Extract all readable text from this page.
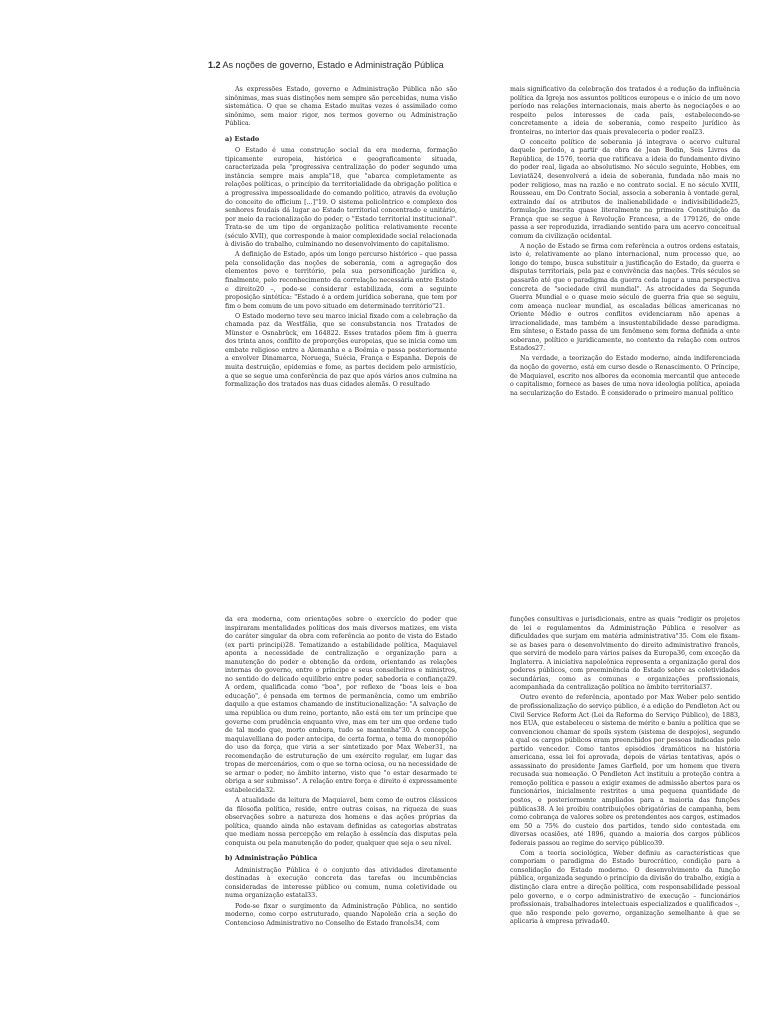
1.2 As noções de governo, Estado e Administração Pública

As expressões Estado, governo e Administração Pública não são sinônimas, mas suas distinções nem sempre são percebidas, numa visão sistemática. O que se chama Estado muitas vezes é assimilado como sinônimo, sem maior rigor, nos termos governo ou Administração Pública.

a) Estado

O Estado é uma construção social da era moderna, formação tipicamente europeia, histórica e geograficamente situada, caracterizada pela "progressiva centralização do poder segundo uma instância sempre mais ampla"18, que "abarca completamente as relações políticas, o princípio da territorialidade da obrigação política e a progressiva impessoalidade do comando político, através da evolução do conceito de officium [...]"19. O sistema policêntrico e complexo dos senhores feudais dá lugar ao Estado territorial concentrado e unitário, por meio da racionalização do poder, o "Estado territorial institucional". Trata-se de um tipo de organização política relativamente recente (século XVII), que corresponde à maior complexidade social relacionada à divisão do trabalho, culminando no desenvolvimento do capitalismo.

A definição de Estado, após um longo percurso histórico – que passa pela consolidação das noções de soberania, com a agregação dos elementos povo e território, pela sua personificação jurídica e, finalmente, pelo reconhecimento da correlação necessária entre Estado e direito20 –, pode-se considerar estabilizada, com a seguinte proposição sintética: "Estado é a ordem jurídica soberana, que tem por fim o bem comum de um povo situado em determinado território"21.

O Estado moderno teve seu marco inicial fixado com a celebração da chamada paz da Westfália, que se consubstancia nos Tratados de Münster e Osnabrück, em 164822. Esses tratados põem fim à guerra dos trinta anos, conflito de proporções europeias, que se inicia como um embate religioso entre a Alemanha e a Boêmia e passa posteriormente a envolver Dinamarca, Noruega, Suécia, França e Espanha. Depois de muita destruição, epidemias e fome, as partes decidem pelo armistício, a que se segue uma conferência de paz que após vários anos culmina na formalização dos tratados nas duas cidades alemãs. O resultado

mais significativo da celebração dos tratados é a redução da influência política da Igreja nos assuntos políticos europeus e o início de um novo período nas relações internacionais, mais aberto às negociações e ao respeito pelos interesses de cada país, estabelecendo-se concretamente a ideia de soberania, como respeito jurídico às fronteiras, no interior das quais prevaleceria o poder real23.

O conceito político de soberania já integrava o acervo cultural daquele período, a partir da obra de Jean Bodin, Seis Livros da República, de 1576, teoria que ratificava a ideia do fundamento divino do poder real, ligada ao absolutismo. No século seguinte, Hobbes, em Leviatã24, desenvolverá a ideia de soberania, fundada não mais no poder religioso, mas na razão e no contrato social. E no século XVIII, Rousseau, em Do Contrato Social, associa a soberania à vontade geral, extraindo daí os atributos de inalienabilidade e indivisibilidade25, formulação inscrita quase literalmente na primeira Constituição da França que se segue à Revolução Francesa, a de 179126, de onde passa a ser reproduzida, irradiando sentido para um acervo conceitual comum da civilização ocidental.

A noção de Estado se firma com referência a outros ordens estatais, isto é, relativamente ao plano internacional, num processo que, ao longo do tempo, busca substituir a justificação do Estado, da guerra e disputas territoriais, pela paz e convivência das nações. Três séculos se passarão até que o paradigma da guerra ceda lugar a uma perspectiva concreta de "sociedade civil mundial". As atrocidades da Segunda Guerra Mundial e o quase meio século de guerra fria que se seguiu, com ameaça nuclear mundial, as escaladas bélicas americanas no Oriente Médio e outros conflitos evidenciaram não apenas a irracionalidade, mas também a insustentabilidade desse paradigma. Em síntese, o Estado passa de um fenômeno sem forma definida a ente soberano, político e juridicamente, no contexto da relação com outros Estados27.

Na verdade, a teorização do Estado moderno, ainda indiferenciada da noção de governo, está em curso desde o Renascimento. O Príncipe, de Maquiavel, escrito nos albores da economia mercantil que antecede o capitalismo, fornece as bases de uma nova ideologia política, apoiada na secularização do Estado. É considerado o primeiro manual político

da era moderna, com orientações sobre o exercício do poder que inspiraram mentalidades políticas dos mais diversos matizes, em vista do caráter singular da obra com referência ao ponto de vista do Estado (ex parti principi)28. Tematizando a estabilidade política, Maquiavel aponta a necessidade de centralização e organização para a manutenção do poder e obtenção da ordem, orientando as relações internas do governo, entre o príncipe e seus conselheiros e ministros, no sentido do delicado equilíbrio entre poder, sabedoria e confiança29. A ordem, qualificada como "boa", por reflexo de "boas leis e boa educação", é pensada em termos de permanência, como um embrião daquilo a que estamos chamando de institucionalização: "A salvação de uma república ou dum reino, portanto, não está em ter um príncipe que governe com prudência enquanto vive, mas em ter um que ordene tudo de tal modo que, morto embora, tudo se mantenha"30. A concepção maquiavelliana do poder antecipa, de certa forma, o tema do monopólio do uso da força, que viria a ser sintetizado por Max Weber31, na recomendação de estruturação de um exército regular, em lugar das tropas de mercenários, com o que se torna ociosa, ou na necessidade de se armar o poder, no âmbito interno, visto que "o estar desarmado te obriga a ser submisso". A relação entre força e direito é expressamente estabelecida32.

A atualidade da leitura de Maquiavel, bem como de outros clássicos da filosofia política, reside, entre outras coisas, na riqueza de suas observações sobre a natureza dos homens e das ações próprias da política, quando ainda não estavam definidas as categorias abstratas que mediam nossa percepção em relação à essência das disputas pela conquista ou pela manutenção do poder, qualquer que seja o seu nível.

b) Administração Pública

Administração Pública é o conjunto das atividades diretamente destinadas à execução concreta das tarefas ou incumbências consideradas de interesse público ou comum, numa coletividade ou numa organização estatal33.

Pode-se fixar o surgimento da Administração Pública, no sentido moderno, como corpo estruturado, quando Napoleão cria a seção do Contencioso Administrativo no Conselho de Estado francês34, com

funções consultivas e jurisdicionais, entre as quais "redigir os projetos de lei e regulamentos da Administração Pública e resolver as dificuldades que surjam em matéria administrativa"35. Com ele fixam-se as bases para o desenvolvimento do direito administrativo francês, que servirá de modelo para vários países da Europa36, com exceção da Inglaterra. A iniciativa napoleônica representa a organização geral dos poderes públicos, com preeminência do Estado sobre as coletividades secundárias, como as comunas e organizações profissionais, acompanhada da centralização política no âmbito territorial37.

Outro evento de referência, apontado por Max Weber pelo sentido de profissionalização do serviço público, é a edição do Pendleton Act ou Civil Service Reform Act (Lei da Reforma do Serviço Público), de 1883, nos EUA, que estabeleceu o sistema de mérito e baniu a política que se convencionou chamar de spoils system (sistema de despojos), segundo a qual os cargos públicos eram preenchidos por pessoas indicadas pelo partido vencedor. Como tantos episódios dramáticos na história americana, essa lei foi aprovada, depois de várias tentativas, após o assassinato do presidente James Garfield, por um homem que tivera recusada sua nomeação. O Pendleton Act instituiu a proteção contra a remoção política e passou a exigir exames de admissão abertos para os funcionários, inicialmente restritos a uma pequena quantidade de postos, e posteriormente ampliados para a maioria das funções públicas38. A lei proibiu contribuições obrigatórias de campanha, bem como cobrança de valores sobre os pretendentes aos cargos, estimados em 50 a 75% do custeio dos partidos, tendo sido contestada em diversas ocasiões, até 1896, quando a maioria dos cargos públicos federais passou ao regime do serviço público39.

Com a teoria sociológica, Weber definiu as características que comporiam o paradigma do Estado burocrático, condição para a consolidação do Estado moderno. O desenvolvimento da função pública, organizada segundo o princípio da divisão do trabalho, exigia a distinção clara entre a direção política, com responsabilidade pessoal pelo governo, e o corpo administrativo de execução – funcionários profissionais, trabalhadores intelectuais especializados e qualificados –, que não responde pelo governo, organização semelhante à que se aplicaria à empresa privada40.
